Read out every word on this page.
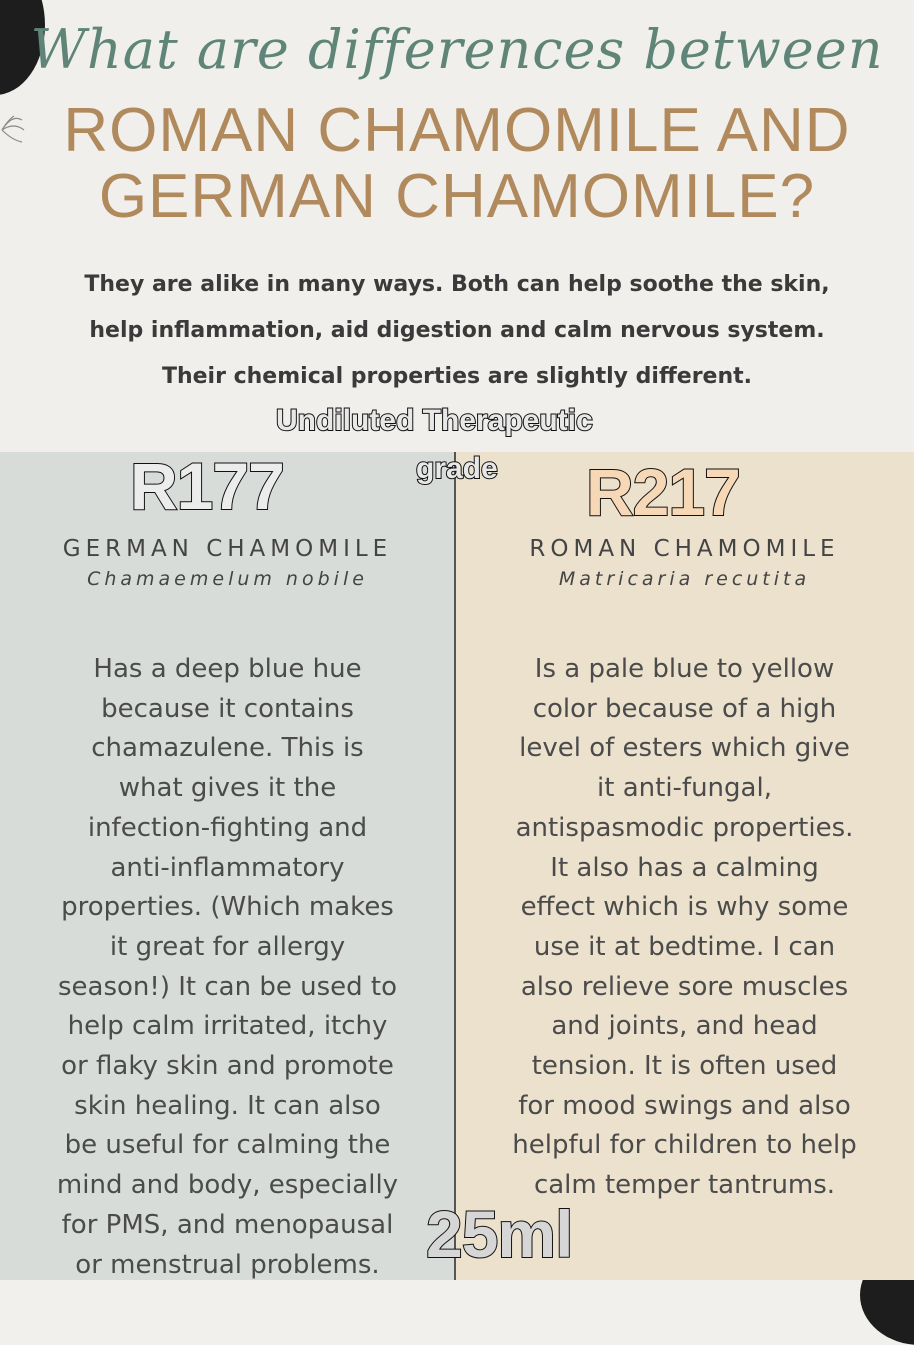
What are differences between
ROMAN CHAMOMILE AND
GERMAN CHAMOMILE?
They are alike in many ways. Both can help soothe the skin,
help inflammation, aid digestion and calm nervous system.
Their chemical properties are slightly different.
GERMAN CHAMOMILE
Chamaemelum nobile
Has a deep blue hue
because it contains
chamazulene. This is
what gives it the
infection-fighting and
anti-inflammatory
properties. (Which makes
it great for allergy
season!) It can be used to
help calm irritated, itchy
or flaky skin and promote
skin healing. It can also
be useful for calming the
mind and body, especially
for PMS, and menopausal
or menstrual problems.
ROMAN CHAMOMILE
Matricaria recutita
Is a pale blue to yellow
color because of a high
level of esters which give
it anti-fungal,
antispasmodic properties.
It also has a calming
effect which is why some
use it at bedtime. I can
also relieve sore muscles
and joints, and head
tension. It is often used
for mood swings and also
helpful for children to help
calm temper tantrums.
Undiluted Therapeutic
grade
R177	R217
25ml
